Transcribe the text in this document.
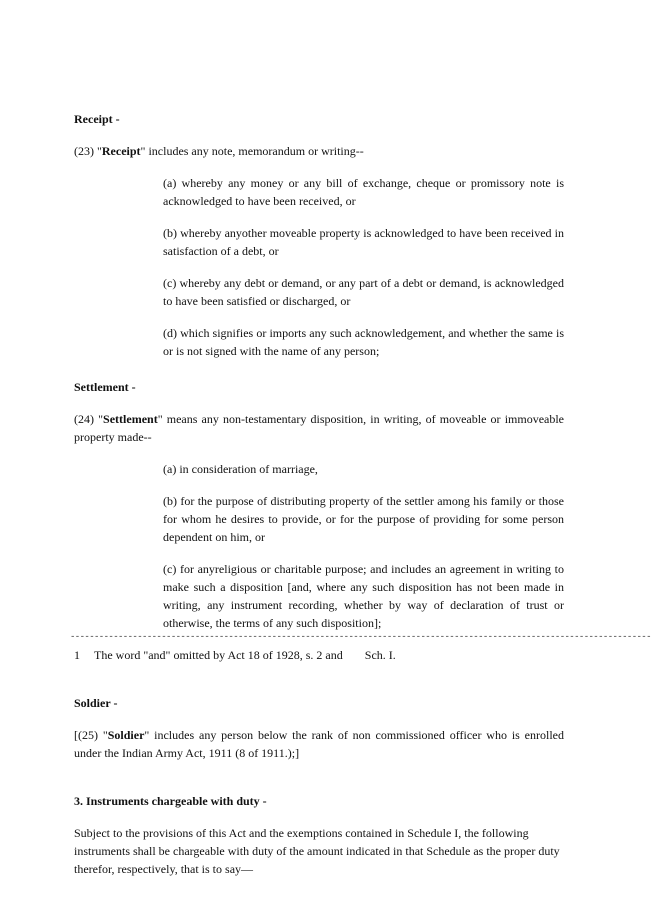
Receipt -

(23) "Receipt" includes any note, memorandum or writing--

(a) whereby any money or any bill of exchange, cheque or promissory note is acknowledged to have been received, or

(b) whereby anyother moveable property is acknowledged to have been received in satisfaction of a debt, or

(c) whereby any debt or demand, or any part of a debt or demand, is acknowledged to have been satisfied or discharged, or

(d) which signifies or imports any such acknowledgement, and whether the same is or is not signed with the name of any person;

Settlement -

(24) "Settlement" means any non-testamentary disposition, in writing, of moveable or immoveable property made--

(a) in consideration of marriage,

(b) for the purpose of distributing property of the settler among his family or those for whom he desires to provide, or for the purpose of providing for some person dependent on him, or

(c) for anyreligious or charitable purpose; and includes an agreement in writing to make such a disposition [and, where any such disposition has not been made in writing, any instrument recording, whether by way of declaration of trust or otherwise, the terms of any such disposition];

-------------------------------------------------------------------------------------------------------------------------

1 The word "and" omitted by Act 18 of 1928, s. 2 and Sch. I.

Soldier -

[(25) "Soldier" includes any person below the rank of non commissioned officer who is enrolled under the Indian Army Act, 1911 (8 of 1911.);]

3. Instruments chargeable with duty -

Subject to the provisions of this Act and the exemptions contained in Schedule I, the following instruments shall be chargeable with duty of the amount indicated in that Schedule as the proper duty therefor, respectively, that is to say—
